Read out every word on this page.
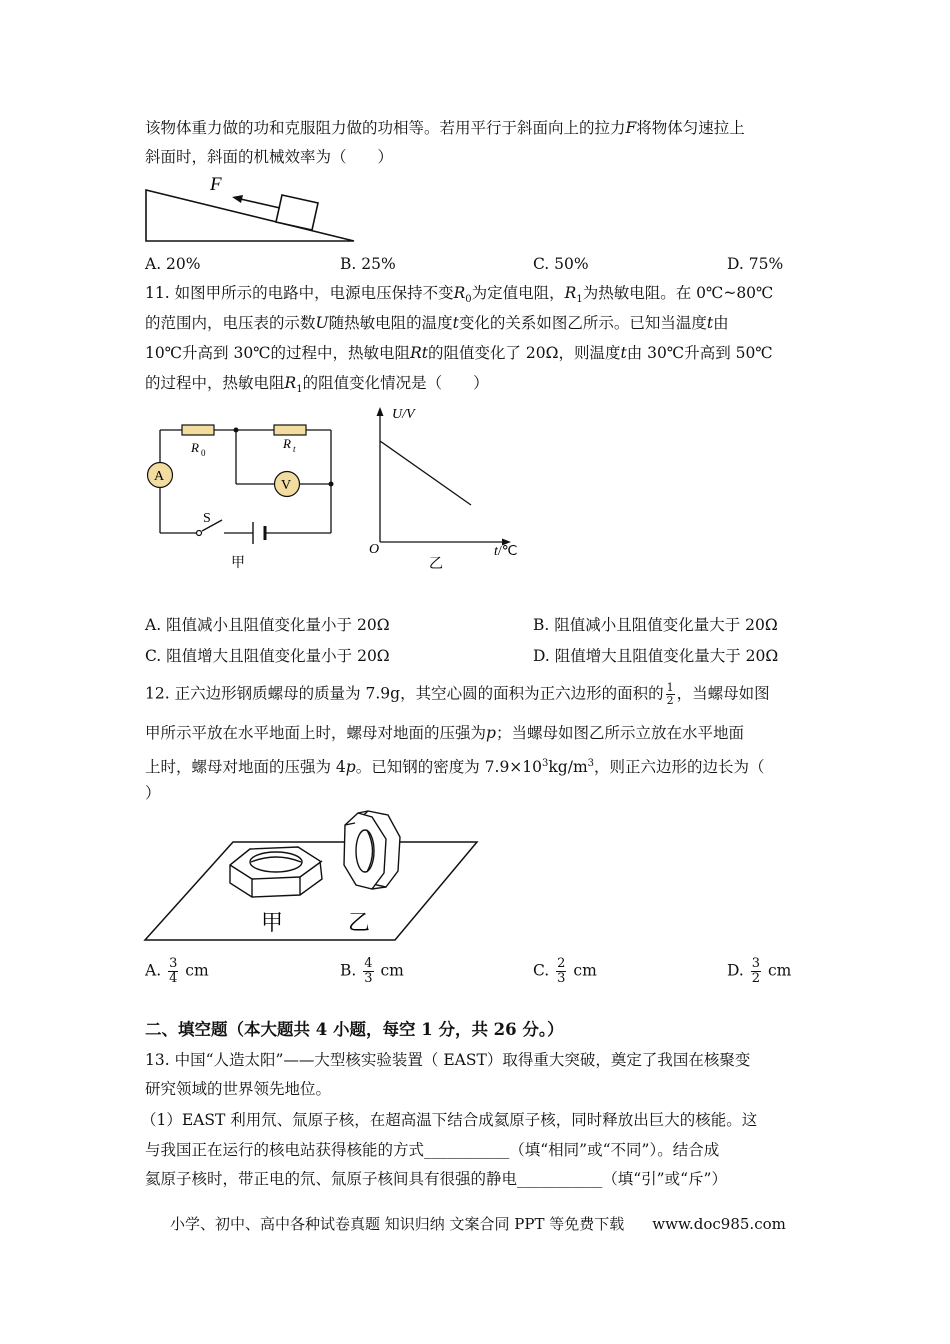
该物体重力做的功和克服阻力做的功相等。若用平行于斜面向上的拉力F将物体匀速拉上
斜面时，斜面的机械效率为（　　）
F
A. 20%	B. 25%	C. 50%	D. 75%
11. 如图甲所示的电路中，电源电压保持不变$R_0$为定值电阻，$R_1$为热敏电阻。在 0℃~80℃
的范围内，电压表的示数U随热敏电阻的温度t变化的关系如图乙所示。已知当温度t由
10℃升高到 30℃的过程中，热敏电阻Rt的阻值变化了 20Ω，则温度t由 30℃升高到 50℃
的过程中，热敏电阻$R_1$的阻值变化情况是（　　）
A
V
S
R 0
R t
甲
U/V
O	t/℃
乙
A. 阻值减小且阻值变化量小于 20Ω	B. 阻值减小且阻值变化量大于 20Ω
C. 阻值增大且阻值变化量小于 20Ω	D. 阻值增大且阻值变化量大于 20Ω
12. 正六边形钢质螺母的质量为 7.9g，其空心圆的面积为正六边形的面积的 $\frac{1}{2}$ ，当螺母如图
甲所示平放在水平地面上时，螺母对地面的压强为p；当螺母如图乙所示立放在水平地面
上时，螺母对地面的压强为 4p。已知钢的密度为 $7.9\times 10^3kg/m^3$，则正六边形的边长为（
）
甲	乙
A. $\frac{3}{4}$ cm	B. $\frac{4}{3}$ cm	C. $\frac{2}{3}$ cm	D. $\frac{3}{2}$ cm
二、填空题（本大题共 4 小题，每空 1 分，共 26 分。）
13. 中国“人造太阳”——大型核实验装置（ EAST）取得重大突破，奠定了我国在核聚变
研究领域的世界领先地位。
（1）EAST 利用氘、氚原子核，在超高温下结合成氦原子核，同时释放出巨大的核能。这
与我国正在运行的核电站获得核能的方式___________（填“相同”或“不同”）。结合成
氦原子核时，带正电的氘、氚原子核间具有很强的静电___________（填“引”或“斥”）
小学、初中、高中各种试卷真题 知识归纳 文案合同 PPT 等免费下载 www.doc985.com
